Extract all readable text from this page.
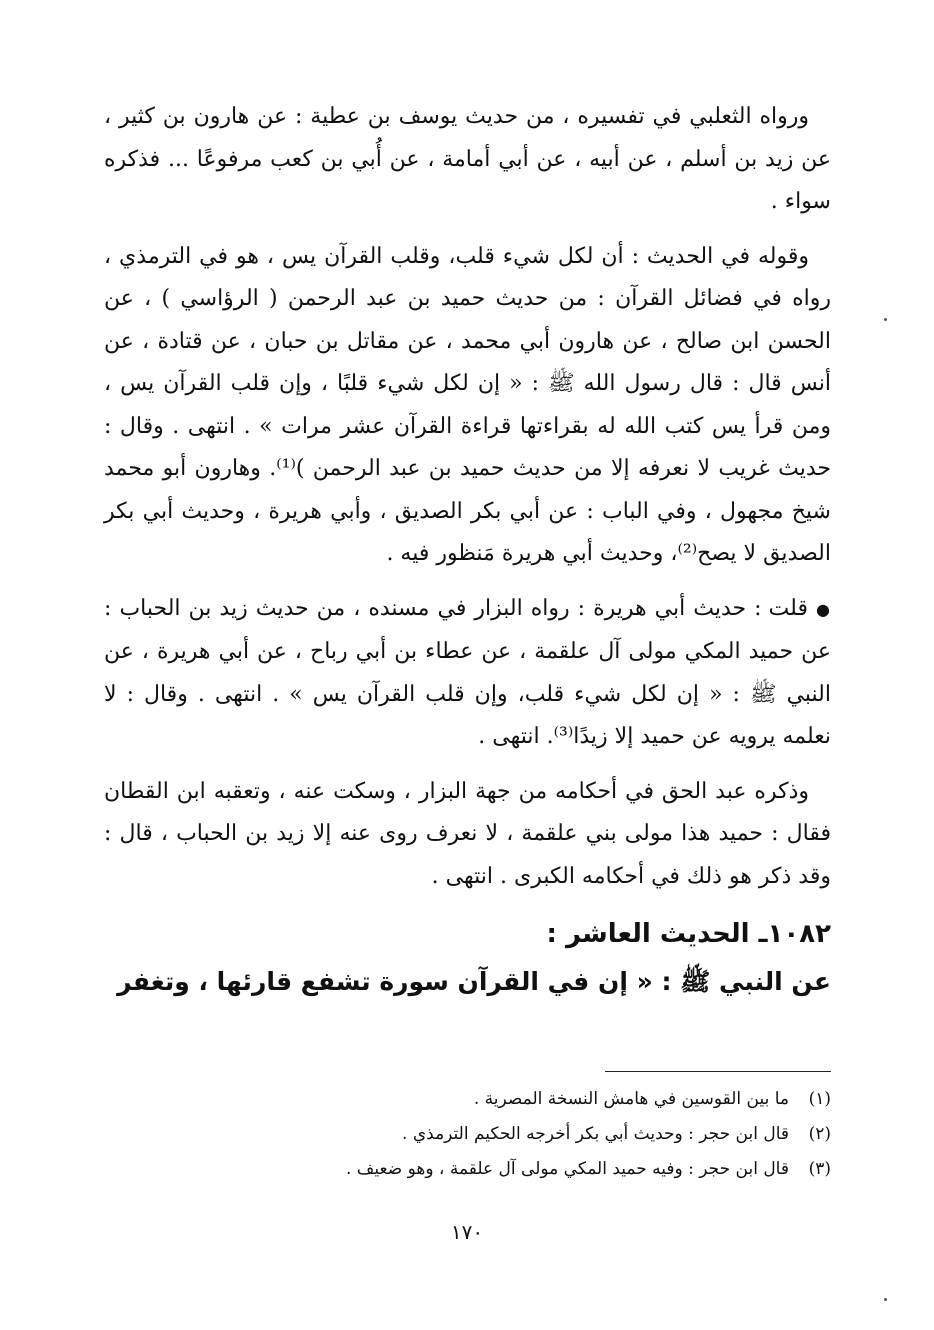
ورواه الثعلبي في تفسيره ، من حديث يوسف بن عطية : عن هارون بن كثير ، عن زيد بن أسلم ، عن أبيه ، عن أبي أمامة ، عن أُبي بن كعب مرفوعًا ... فذكره سواء .

وقوله في الحديث : أن لكل شيء قلب، وقلب القرآن يس ، هو في الترمذي ، رواه في فضائل القرآن : من حديث حميد بن عبد الرحمن ( الرؤاسي ) ، عن الحسن ابن صالح ، عن هارون أبي محمد ، عن مقاتل بن حبان ، عن قتادة ، عن أنس قال : قال رسول الله ﷺ : « إن لكل شيء قلبًا ، وإن قلب القرآن يس ، ومن قرأ يس كتب الله له بقراءتها قراءة القرآن عشر مرات » . انتهى . وقال : حديث غريب لا نعرفه إلا من حديث حميد بن عبد الرحمن )⁽¹⁾. وهارون أبو محمد شيخ مجهول ، وفي الباب : عن أبي بكر الصديق ، وأبي هريرة ، وحديث أبي بكر الصديق لا يصح⁽²⁾، وحديث أبي هريرة مَنظور فيه .

● قلت : حديث أبي هريرة : رواه البزار في مسنده ، من حديث زيد بن الحباب : عن حميد المكي مولى آل علقمة ، عن عطاء بن أبي رباح ، عن أبي هريرة ، عن النبي ﷺ : « إن لكل شيء قلب، وإن قلب القرآن يس » . انتهى . وقال : لا نعلمه يرويه عن حميد إلا زيدًا⁽³⁾. انتهى .

وذكره عبد الحق في أحكامه من جهة البزار ، وسكت عنه ، وتعقبه ابن القطان فقال : حميد هذا مولى بني علقمة ، لا نعرف روى عنه إلا زيد بن الحباب ، قال : وقد ذكر هو ذلك في أحكامه الكبرى . انتهى .

١٠٨٢ـ الحديث العاشر :

عن النبي ﷺ : « إن في القرآن سورة تشفع قارئها ، وتغفر

(١)ما بين القوسين في هامش النسخة المصرية .

(٢)قال ابن حجر : وحديث أبي بكر أخرجه الحكيم الترمذي .

(٣)قال ابن حجر : وفيه حميد المكي مولى آل علقمة ، وهو ضعيف .

١٧٠
